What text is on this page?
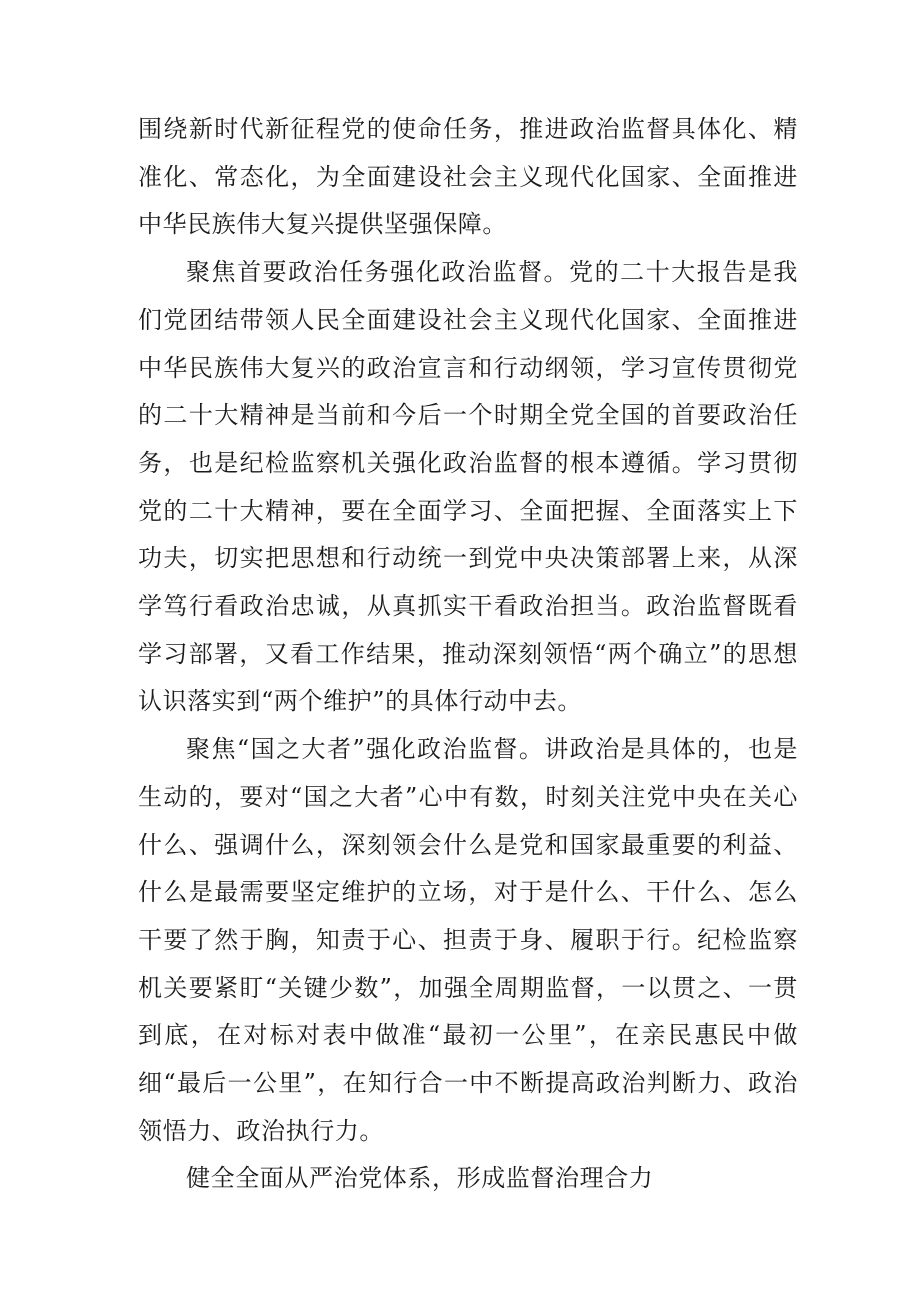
围绕新时代新征程党的使命任务，推进政治监督具体化、精准化、常态化，为全面建设社会主义现代化国家、全面推进中华民族伟大复兴提供坚强保障。

聚焦首要政治任务强化政治监督。党的二十大报告是我们党团结带领人民全面建设社会主义现代化国家、全面推进中华民族伟大复兴的政治宣言和行动纲领，学习宣传贯彻党的二十大精神是当前和今后一个时期全党全国的首要政治任务，也是纪检监察机关强化政治监督的根本遵循。学习贯彻党的二十大精神，要在全面学习、全面把握、全面落实上下功夫，切实把思想和行动统一到党中央决策部署上来，从深学笃行看政治忠诚，从真抓实干看政治担当。政治监督既看学习部署，又看工作结果，推动深刻领悟“两个确立”的思想认识落实到“两个维护”的具体行动中去。

聚焦“国之大者”强化政治监督。讲政治是具体的，也是生动的，要对“国之大者”心中有数，时刻关注党中央在关心什么、强调什么，深刻领会什么是党和国家最重要的利益、什么是最需要坚定维护的立场，对于是什么、干什么、怎么干要了然于胸，知责于心、担责于身、履职于行。纪检监察机关要紧盯“关键少数”，加强全周期监督，一以贯之、一贯到底，在对标对表中做准“最初一公里”，在亲民惠民中做细“最后一公里”，在知行合一中不断提高政治判断力、政治领悟力、政治执行力。

健全全面从严治党体系，形成监督治理合力
